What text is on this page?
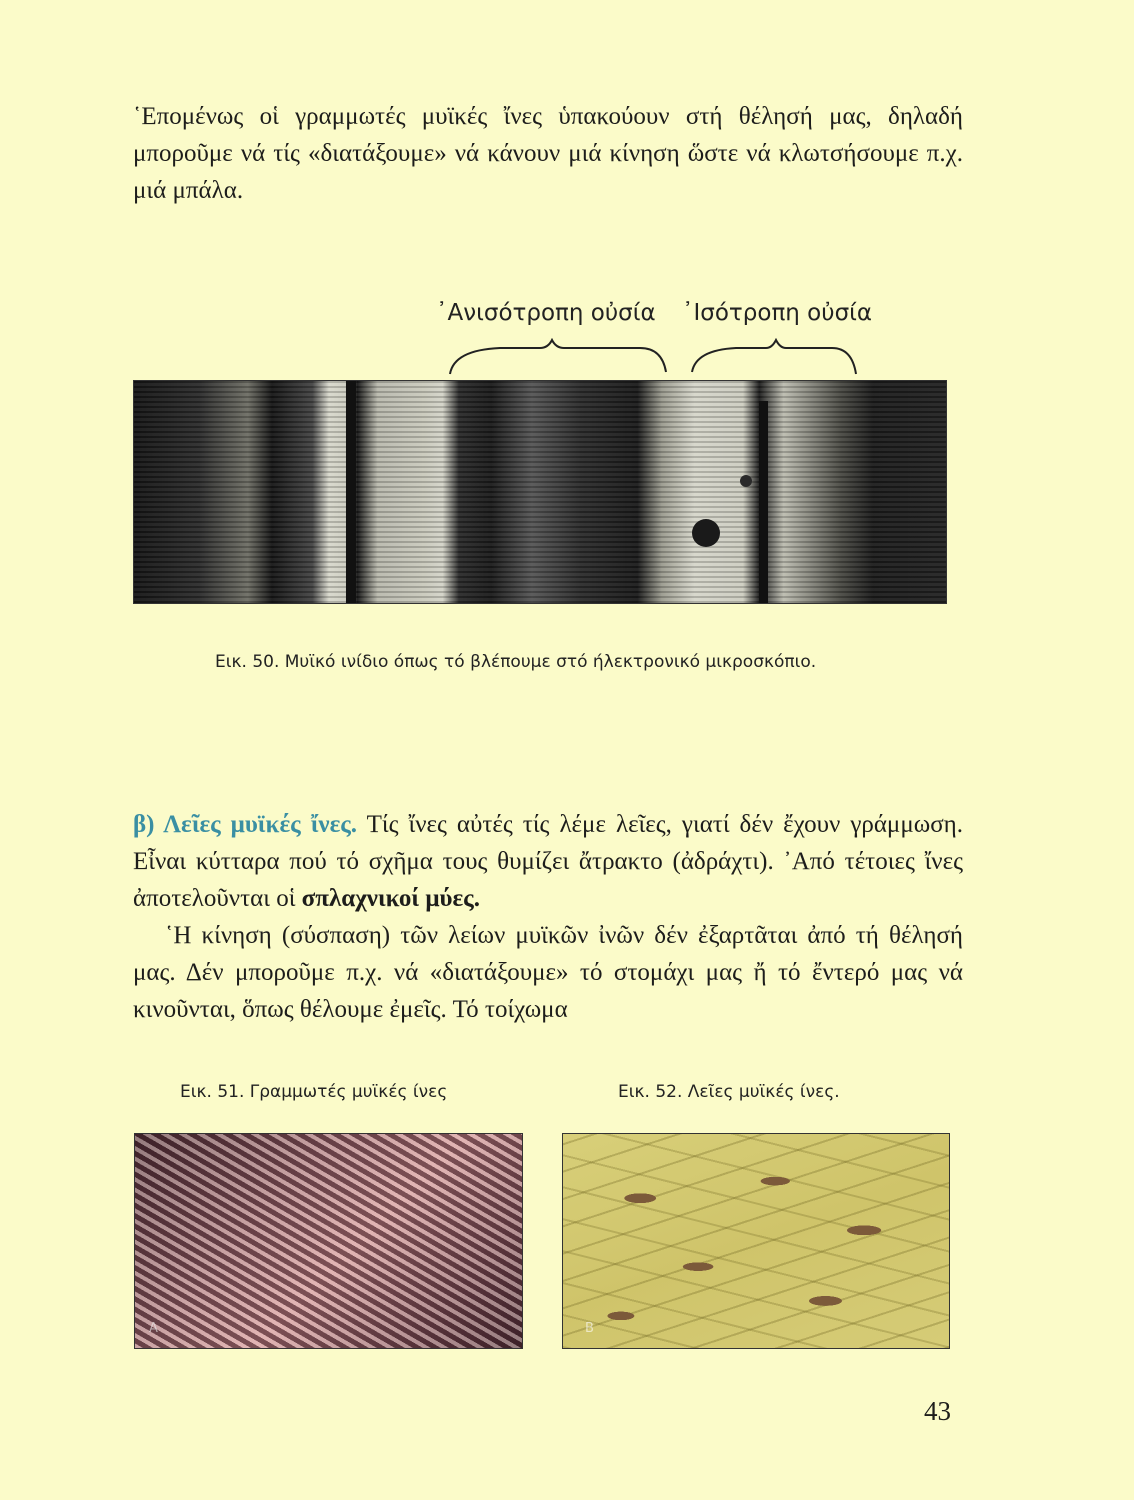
῾Επομένως οἱ γραμμωτές μυϊκές ἴνες ὑπακούουν στή θέλησή μας, δηλαδή μποροῦμε νά τίς «διατάξουμε» νά κάνουν μιά κίνηση ὥστε νά κλωτσήσουμε π.χ. μιά μπάλα.

᾿Ανισότροπη οὐσία ᾿Ισότροπη οὐσία
Εικ. 50. Μυϊκό ινίδιο όπως τό βλέπουμε στό ήλεκτρονικό μικροσκόπιο.

β) Λεῖες μυϊκές ἴνες. Τίς ἴνες αὐτές τίς λέμε λεῖες, γιατί δέν ἔχουν γράμμωση. Εἶναι κύτταρα πού τό σχῆμα τους θυμίζει ἄτρακτο (ἀδράχτι). ᾿Από τέτοιες ἴνες ἀποτελοῦνται οἱ σπλαχνικοί μύες.
῾Η κίνηση (σύσπαση) τῶν λείων μυϊκῶν ἰνῶν δέν ἐξαρτᾶται ἀπό τή θέλησή μας. Δέν μποροῦμε π.χ. νά «διατάξουμε» τό στομάχι μας ἤ τό ἔντερό μας νά κινοῦνται, ὅπως θέλουμε ἐμεῖς. Τό τοίχωμα

Εικ. 51. Γραμμωτές μυϊκές ίνες	Εικ. 52. Λεῖες μυϊκές ίνες.
A	B
43
